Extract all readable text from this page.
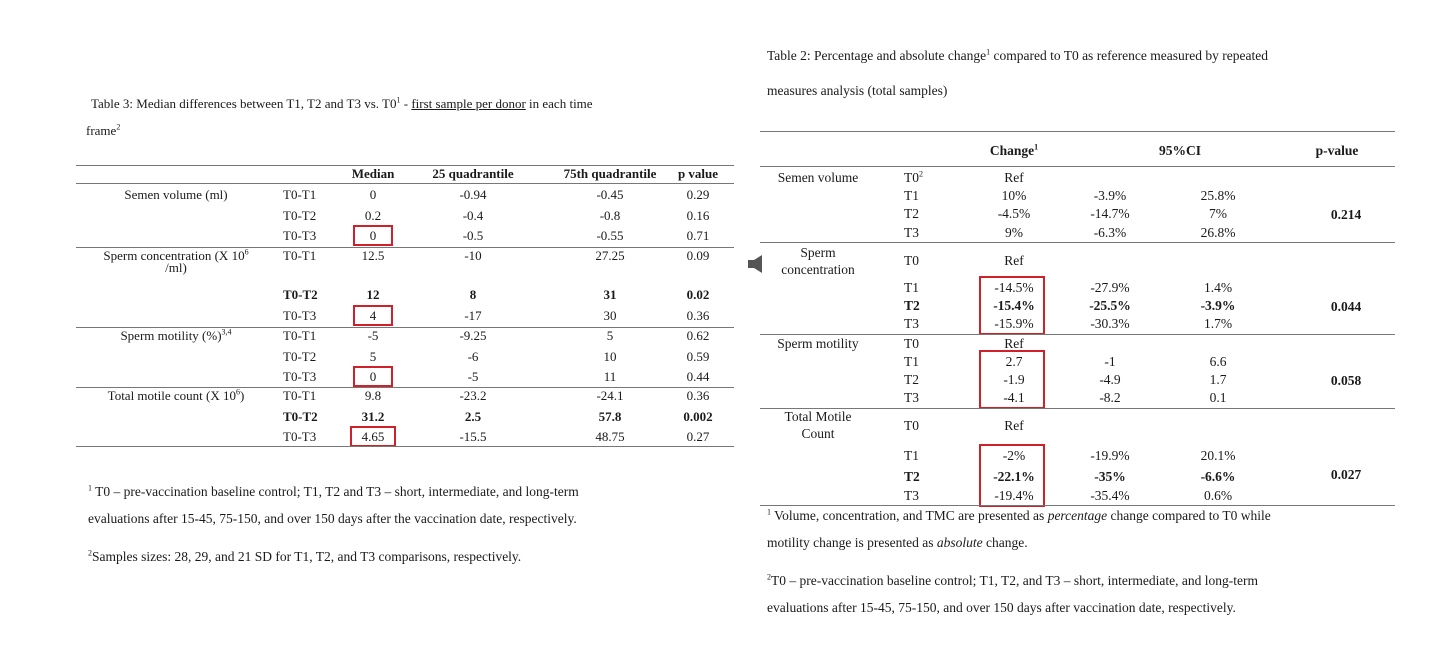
Table 3: Median differences between T1, T2 and T3 vs. $T0^1$ - first sample per donor in each time
frame$^2$
Median	25 quadrantile	75th quadrantile	p value
Semen volume (ml)	T0-T1	0	-0.94	-0.45	0.29
T0-T2	0.2	-0.4	-0.8	0.16
T0-T3	0	-0.5	-0.55	0.71
Sperm concentration (X $10^6$
/ml)
T0-T1	12.5	-10	27.25	0.09
T0-T2	12	8	31	0.02
T0-T3	4	-17	30	0.36
Sperm motility (%)$^{3,4}$	T0-T1	-5	-9.25	5	0.62
T0-T2	5	-6	10	0.59
T0-T3	0	-5	11	0.44
Total motile count (X $10^6$)	T0-T1	9.8	-23.2	-24.1	0.36
T0-T2	31.2	2.5	57.8	0.002
T0-T3	4.65	-15.5	48.75	0.27
$^1$ T0 – pre-vaccination baseline control; T1, T2 and T3 – short, intermediate, and long-term
evaluations after 15-45, 75-150, and over 150 days after the vaccination date, respectively.
$^2$Samples sizes: 28, 29, and 21 SD for T1, T2, and T3 comparisons, respectively.
Table 2: Percentage and absolute change$^1$ compared to T0 as reference measured by repeated
measures analysis (total samples)
Change$^1$	95%CI	p-value
Semen volume	$T0^2$	Ref
T1	10%	-3.9%	25.8%
T2	-4.5%	-14.7%	7%
T3	9%	-6.3%	26.8%
0.214
Sperm
concentration
T0	Ref
T1	-14.5%	-27.9%	1.4%
T2	-15.4%	-25.5%	-3.9%
T3	-15.9%	-30.3%	1.7%
0.044
Sperm motility	T0	Ref
T1	2.7	-1	6.6
T2	-1.9	-4.9	1.7
T3	-4.1	-8.2	0.1
0.058
Total Motile
Count
T0	Ref
T1	-2%	-19.9%	20.1%
T2	-22.1%	-35%	-6.6%
T3	-19.4%	-35.4%	0.6%
0.027
$^1$ Volume, concentration, and TMC are presented as percentage change compared to T0 while
motility change is presented as absolute change.
$^2$T0 – pre-vaccination baseline control; T1, T2, and T3 – short, intermediate, and long-term
evaluations after 15-45, 75-150, and over 150 days after vaccination date, respectively.
